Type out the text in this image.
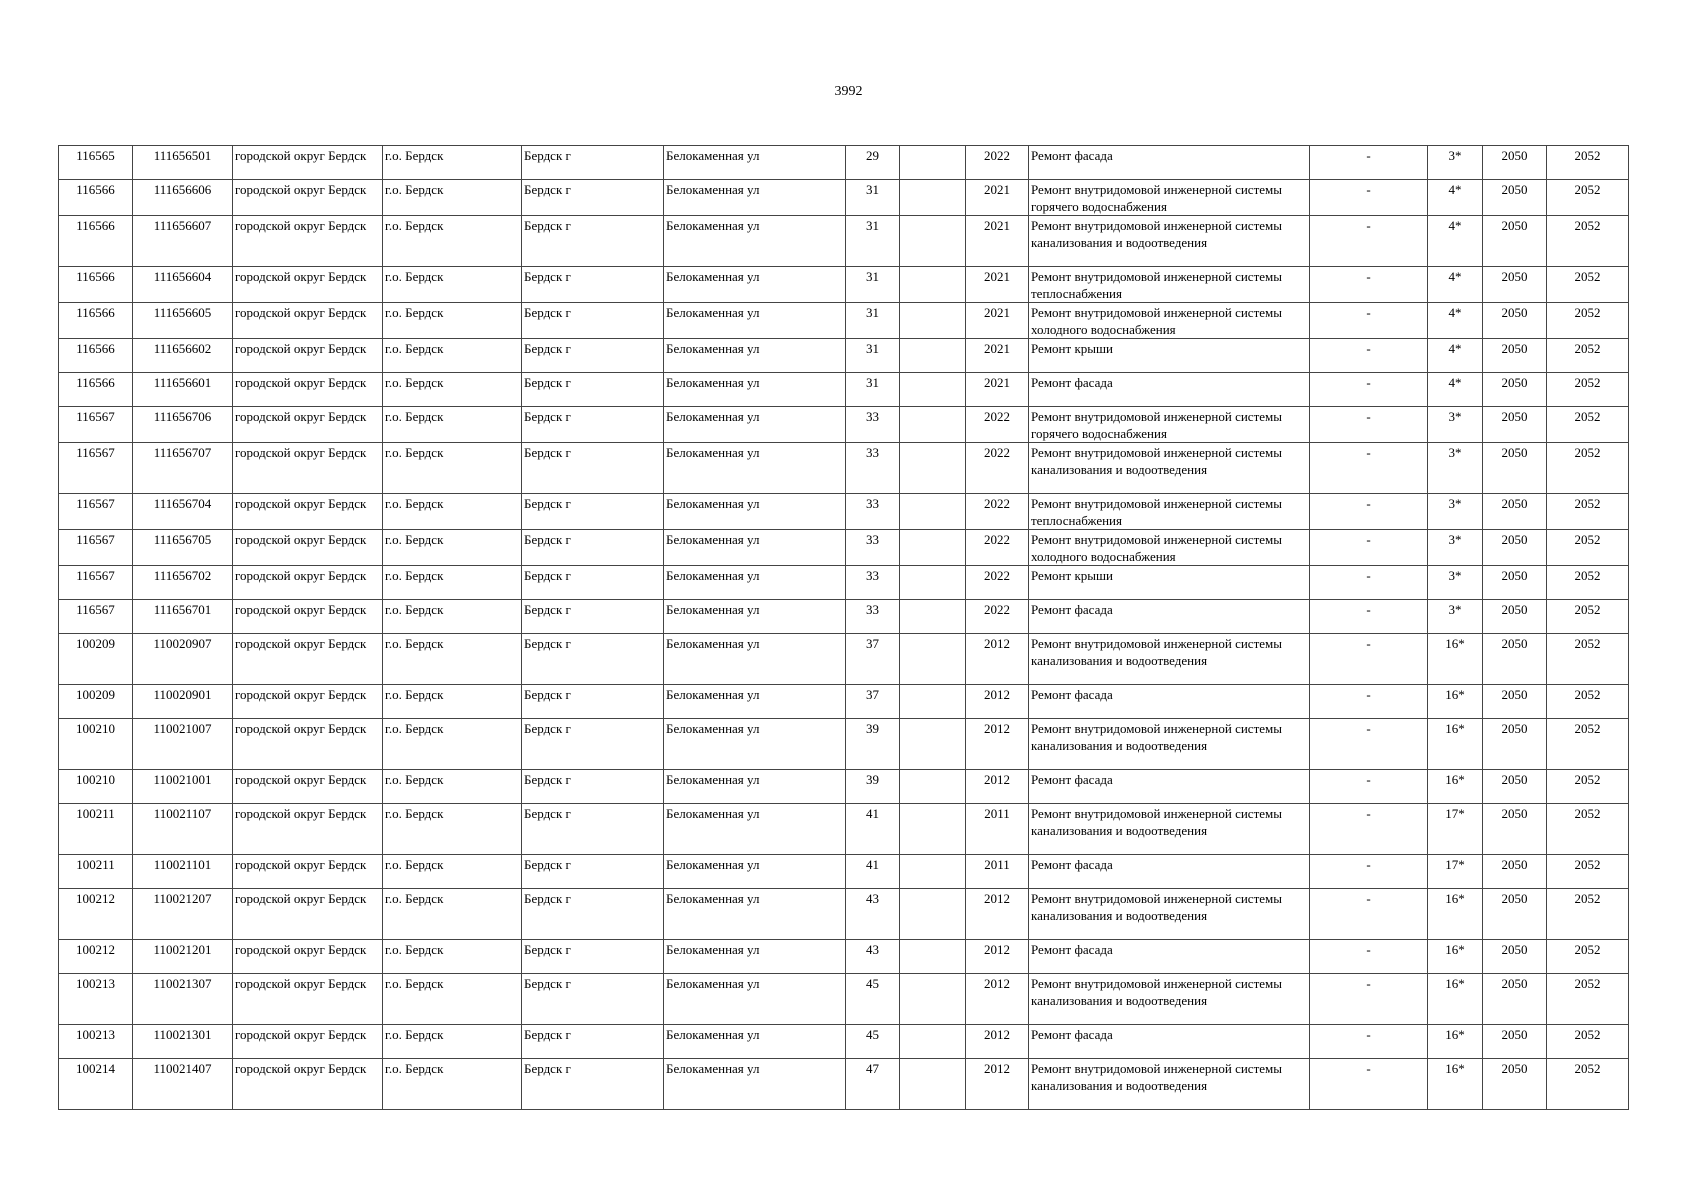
3992
116565	111656501	городской округ Бердск	г.о. Бердск	Бердск г	Белокаменная ул	29		2022	Ремонт фасада	-	3*	2050	2052
116566	111656606	городской округ Бердск	г.о. Бердск	Бердск г	Белокаменная ул	31		2021	Ремонт внутридомовой инженерной системы горячего водоснабжения	-	4*	2050	2052
116566	111656607	городской округ Бердск	г.о. Бердск	Бердск г	Белокаменная ул	31		2021	Ремонт внутридомовой инженерной системы канализования и водоотведения	-	4*	2050	2052
116566	111656604	городской округ Бердск	г.о. Бердск	Бердск г	Белокаменная ул	31		2021	Ремонт внутридомовой инженерной системы теплоснабжения	-	4*	2050	2052
116566	111656605	городской округ Бердск	г.о. Бердск	Бердск г	Белокаменная ул	31		2021	Ремонт внутридомовой инженерной системы холодного водоснабжения	-	4*	2050	2052
116566	111656602	городской округ Бердск	г.о. Бердск	Бердск г	Белокаменная ул	31		2021	Ремонт крыши	-	4*	2050	2052
116566	111656601	городской округ Бердск	г.о. Бердск	Бердск г	Белокаменная ул	31		2021	Ремонт фасада	-	4*	2050	2052
116567	111656706	городской округ Бердск	г.о. Бердск	Бердск г	Белокаменная ул	33		2022	Ремонт внутридомовой инженерной системы горячего водоснабжения	-	3*	2050	2052
116567	111656707	городской округ Бердск	г.о. Бердск	Бердск г	Белокаменная ул	33		2022	Ремонт внутридомовой инженерной системы канализования и водоотведения	-	3*	2050	2052
116567	111656704	городской округ Бердск	г.о. Бердск	Бердск г	Белокаменная ул	33		2022	Ремонт внутридомовой инженерной системы теплоснабжения	-	3*	2050	2052
116567	111656705	городской округ Бердск	г.о. Бердск	Бердск г	Белокаменная ул	33		2022	Ремонт внутридомовой инженерной системы холодного водоснабжения	-	3*	2050	2052
116567	111656702	городской округ Бердск	г.о. Бердск	Бердск г	Белокаменная ул	33		2022	Ремонт крыши	-	3*	2050	2052
116567	111656701	городской округ Бердск	г.о. Бердск	Бердск г	Белокаменная ул	33		2022	Ремонт фасада	-	3*	2050	2052
100209	110020907	городской округ Бердск	г.о. Бердск	Бердск г	Белокаменная ул	37		2012	Ремонт внутридомовой инженерной системы канализования и водоотведения	-	16*	2050	2052
100209	110020901	городской округ Бердск	г.о. Бердск	Бердск г	Белокаменная ул	37		2012	Ремонт фасада	-	16*	2050	2052
100210	110021007	городской округ Бердск	г.о. Бердск	Бердск г	Белокаменная ул	39		2012	Ремонт внутридомовой инженерной системы канализования и водоотведения	-	16*	2050	2052
100210	110021001	городской округ Бердск	г.о. Бердск	Бердск г	Белокаменная ул	39		2012	Ремонт фасада	-	16*	2050	2052
100211	110021107	городской округ Бердск	г.о. Бердск	Бердск г	Белокаменная ул	41		2011	Ремонт внутридомовой инженерной системы канализования и водоотведения	-	17*	2050	2052
100211	110021101	городской округ Бердск	г.о. Бердск	Бердск г	Белокаменная ул	41		2011	Ремонт фасада	-	17*	2050	2052
100212	110021207	городской округ Бердск	г.о. Бердск	Бердск г	Белокаменная ул	43		2012	Ремонт внутридомовой инженерной системы канализования и водоотведения	-	16*	2050	2052
100212	110021201	городской округ Бердск	г.о. Бердск	Бердск г	Белокаменная ул	43		2012	Ремонт фасада	-	16*	2050	2052
100213	110021307	городской округ Бердск	г.о. Бердск	Бердск г	Белокаменная ул	45		2012	Ремонт внутридомовой инженерной системы канализования и водоотведения	-	16*	2050	2052
100213	110021301	городской округ Бердск	г.о. Бердск	Бердск г	Белокаменная ул	45		2012	Ремонт фасада	-	16*	2050	2052
100214	110021407	городской округ Бердск	г.о. Бердск	Бердск г	Белокаменная ул	47		2012	Ремонт внутридомовой инженерной системы канализования и водоотведения	-	16*	2050	2052
